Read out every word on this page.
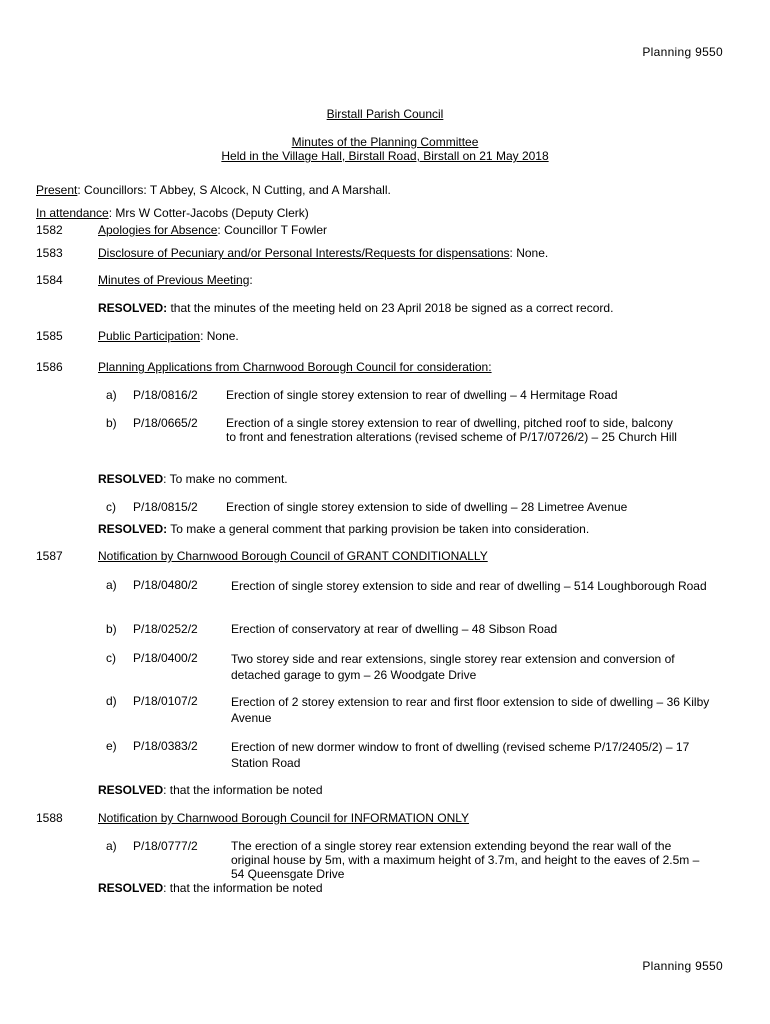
Planning 9550
Planning 9550
Birstall Parish Council
Minutes of the Planning Committee
Held in the Village Hall, Birstall Road, Birstall on 21 May 2018
Present: Councillors: T Abbey, S Alcock, N Cutting, and A Marshall.
In attendance: Mrs W Cotter-Jacobs (Deputy Clerk)
1582	Apologies for Absence: Councillor T Fowler
1583	Disclosure of Pecuniary and/or Personal Interests/Requests for dispensations: None.
1584	Minutes of Previous Meeting:
RESOLVED: that the minutes of the meeting held on 23 April 2018 be signed as a correct record.
1585	Public Participation: None.
1586	Planning Applications from Charnwood Borough Council for consideration:
a) P/18/0816/2 Erection of single storey extension to rear of dwelling – 4 Hermitage Road
b) P/18/0665/2 Erection of a single storey extension to rear of dwelling, pitched roof to side, balcony to front and fenestration alterations (revised scheme of P/17/0726/2) – 25 Church Hill
RESOLVED: To make no comment.
c) P/18/0815/2 Erection of single storey extension to side of dwelling – 28 Limetree Avenue
RESOLVED: To make a general comment that parking provision be taken into consideration.
1587	Notification by Charnwood Borough Council of GRANT CONDITIONALLY
a) P/18/0480/2	Erection of single storey extension to side and rear of dwelling – 514 Loughborough Road
b) P/18/0252/2	Erection of conservatory at rear of dwelling – 48 Sibson Road
c) P/18/0400/2	Two storey side and rear extensions, single storey rear extension and conversion of detached garage to gym – 26 Woodgate Drive
d) P/18/0107/2	Erection of 2 storey extension to rear and first floor extension to side of dwelling – 36 Kilby Avenue
e) P/18/0383/2	Erection of new dormer window to front of dwelling (revised scheme P/17/2405/2) – 17 Station Road
RESOLVED: that the information be noted
1588	Notification by Charnwood Borough Council for INFORMATION ONLY
a) P/18/0777/2	The erection of a single storey rear extension extending beyond the rear wall of the original house by 5m, with a maximum height of 3.7m, and height to the eaves of 2.5m – 54 Queensgate Drive
RESOLVED: that the information be noted
